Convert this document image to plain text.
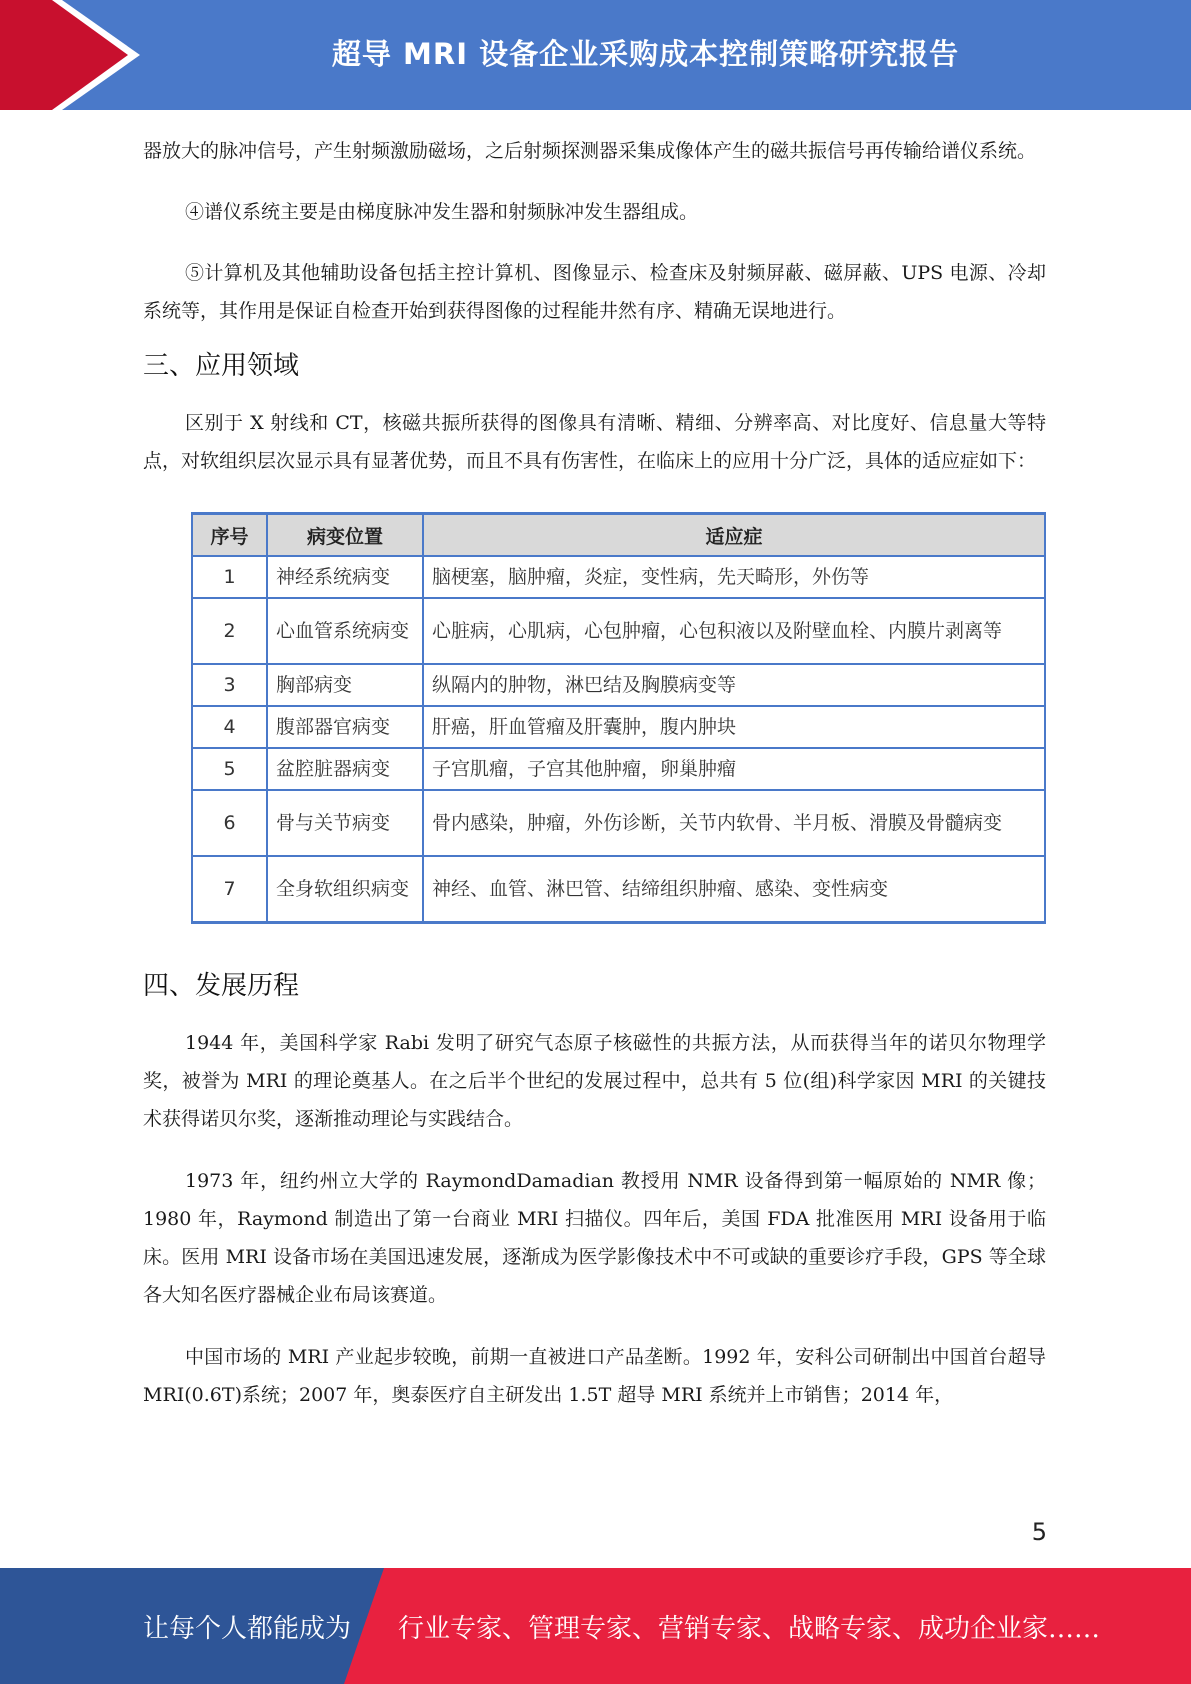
超导 MRI 设备企业采购成本控制策略研究报告

器放大的脉冲信号，产生射频激励磁场，之后射频探测器采集成像体产生的磁共振信号再传输给谱仪系统。

④谱仪系统主要是由梯度脉冲发生器和射频脉冲发生器组成。

⑤计算机及其他辅助设备包括主控计算机、图像显示、检查床及射频屏蔽、磁屏蔽、UPS 电源、冷却系统等，其作用是保证自检查开始到获得图像的过程能井然有序、精确无误地进行。

三、应用领域

区别于 X 射线和 CT，核磁共振所获得的图像具有清晰、精细、分辨率高、对比度好、信息量大等特点，对软组织层次显示具有显著优势，而且不具有伤害性，在临床上的应用十分广泛，具体的适应症如下：

序号	病变位置	适应症
1	神经系统病变	脑梗塞，脑肿瘤，炎症，变性病，先天畸形，外伤等
2	心血管系统病变	心脏病，心肌病，心包肿瘤，心包积液以及附壁血栓、内膜片剥离等
3	胸部病变	纵隔内的肿物，淋巴结及胸膜病变等
4	腹部器官病变	肝癌，肝血管瘤及肝囊肿，腹内肿块
5	盆腔脏器病变	子宫肌瘤，子宫其他肿瘤，卵巢肿瘤
6	骨与关节病变	骨内感染，肿瘤，外伤诊断，关节内软骨、半月板、滑膜及骨髓病变
7	全身软组织病变	神经、血管、淋巴管、结缔组织肿瘤、感染、变性病变
四、发展历程

1944 年，美国科学家 Rabi 发明了研究气态原子核磁性的共振方法，从而获得当年的诺贝尔物理学奖，被誉为 MRI 的理论奠基人。在之后半个世纪的发展过程中，总共有 5 位(组)科学家因 MRI 的关键技术获得诺贝尔奖，逐渐推动理论与实践结合。

1973 年，纽约州立大学的 RaymondDamadian 教授用 NMR 设备得到第一幅原始的 NMR 像；1980 年，Raymond 制造出了第一台商业 MRI 扫描仪。四年后，美国 FDA 批准医用 MRI 设备用于临床。医用 MRI 设备市场在美国迅速发展，逐渐成为医学影像技术中不可或缺的重要诊疗手段，GPS 等全球各大知名医疗器械企业布局该赛道。

中国市场的 MRI 产业起步较晚，前期一直被进口产品垄断。1992 年，安科公司研制出中国首台超导 MRI(0.6T)系统；2007 年，奥泰医疗自主研发出 1.5T 超导 MRI 系统并上市销售；2014 年，

5
让每个人都能成为 行业专家、管理专家、营销专家、战略专家、成功企业家……
